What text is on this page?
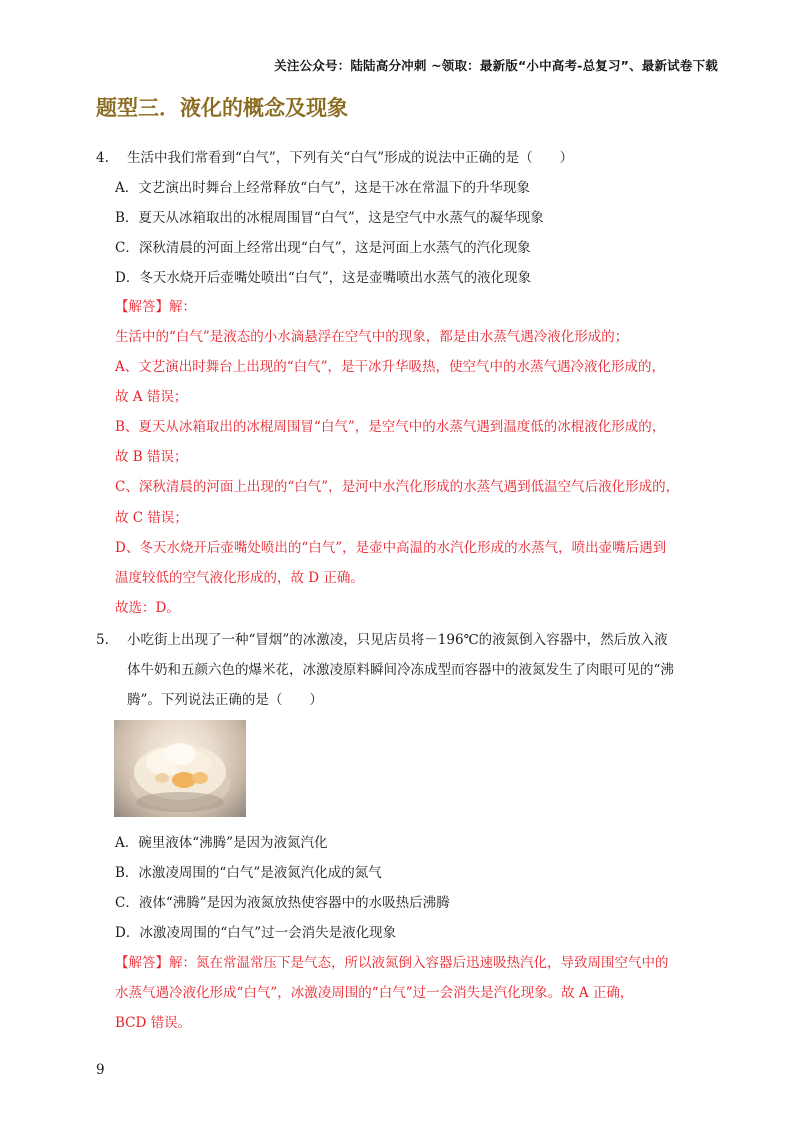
关注公众号：陆陆高分冲刺 ~领取：最新版“小中高考-总复习”、最新试卷下载
题型三．液化的概念及现象
4. 生活中我们常看到“白气”，下列有关“白气”形成的说法中正确的是（　　）
A．文艺演出时舞台上经常释放“白气”，这是干冰在常温下的升华现象
B．夏天从冰箱取出的冰棍周围冒“白气”，这是空气中水蒸气的凝华现象
C．深秋清晨的河面上经常出现“白气”，这是河面上水蒸气的汽化现象
D．冬天水烧开后壶嘴处喷出“白气”，这是壶嘴喷出水蒸气的液化现象
【解答】解：
生活中的“白气”是液态的小水滴悬浮在空气中的现象，都是由水蒸气遇冷液化形成的；
A、文艺演出时舞台上出现的“白气”，是干冰升华吸热，使空气中的水蒸气遇冷液化形成的，
故 A 错误；
B、夏天从冰箱取出的冰棍周围冒“白气”，是空气中的水蒸气遇到温度低的冰棍液化形成的，
故 B 错误；
C、深秋清晨的河面上出现的“白气”，是河中水汽化形成的水蒸气遇到低温空气后液化形成的，
故 C 错误；
D、冬天水烧开后壶嘴处喷出的“白气”，是壶中高温的水汽化形成的水蒸气，喷出壶嘴后遇到
温度较低的空气液化形成的，故 D 正确。
故选：D。
5. 小吃街上出现了一种“冒烟”的冰激凌，只见店员将－196℃的液氮倒入容器中，然后放入液
体牛奶和五颜六色的爆米花，冰激凌原料瞬间冷冻成型而容器中的液氮发生了肉眼可见的“沸
腾”。下列说法正确的是（　　）
A．碗里液体“沸腾”是因为液氮汽化
B．冰激凌周围的“白气”是液氮汽化成的氮气
C．液体“沸腾”是因为液氮放热使容器中的水吸热后沸腾
D．冰激凌周围的“白气”过一会消失是液化现象
【解答】解：氮在常温常压下是气态，所以液氮倒入容器后迅速吸热汽化，导致周围空气中的
水蒸气遇冷液化形成“白气”，冰激凌周围的“白气”过一会消失是汽化现象。故 A 正确，
BCD 错误。
9
